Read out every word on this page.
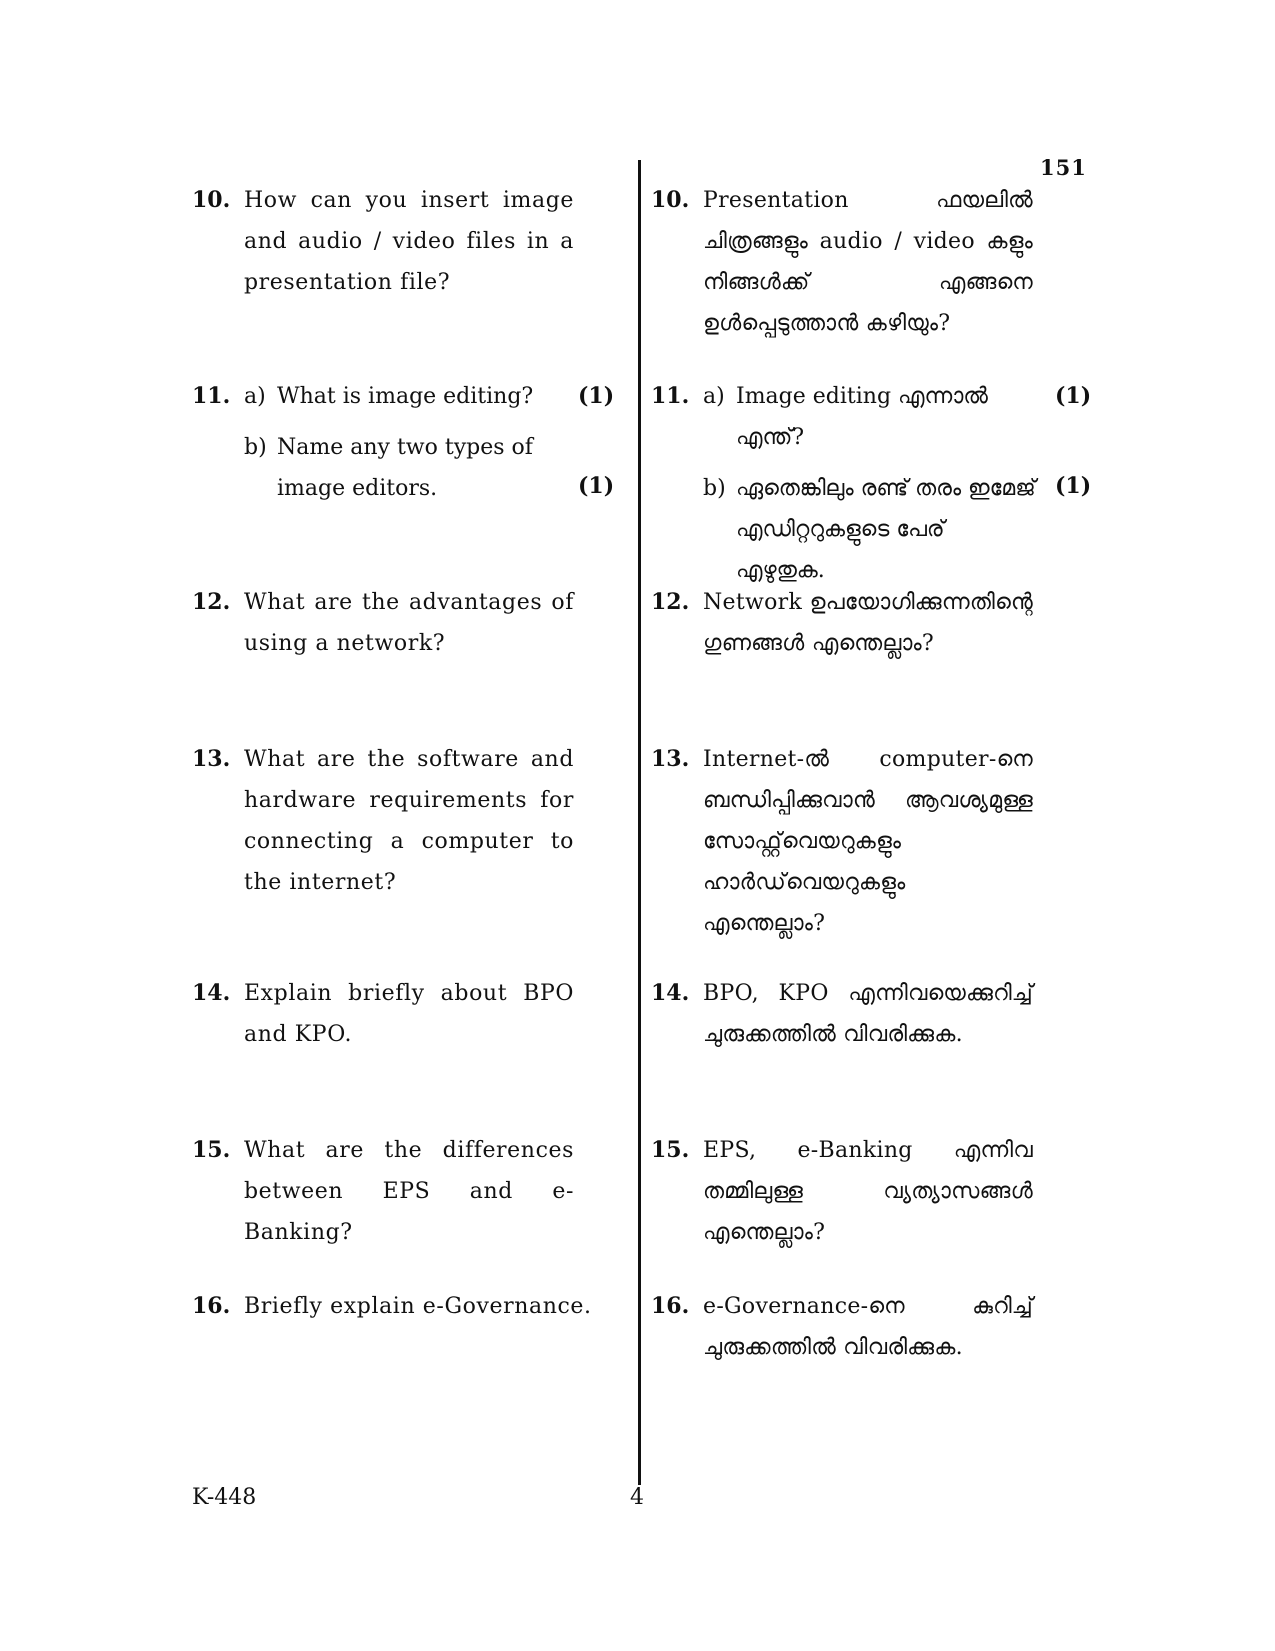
151
10. How can you insert image and audio / video files in a presentation file?
11. a) What is image editing?	(1)
b) Name any two types of image editors.	(1)
12. What are the advantages of using a network?
13. What are the software and hardware requirements for connecting a computer to the internet?
14. Explain briefly about BPO and KPO.
15. What are the differences between EPS and e-Banking?
16. Briefly explain e-Governance.
10. Presentation ഫയലിൽ ചിത്രങ്ങളും audio / video കളും നിങ്ങൾക്ക് എങ്ങനെ ഉൾപ്പെടുത്താൻ കഴിയും?
11. a) Image editing എന്നാൽ എന്ത്?
(1)
b) ഏതെങ്കിലും രണ്ട് തരം ഇമേജ് എഡിറ്ററുകളുടെ പേര് എഴുതുക.
(1)
12. Network ഉപയോഗിക്കുന്നതിന്റെ ഗുണങ്ങൾ എന്തെല്ലാം?
13. Internet-ൽ computer-നെ ബന്ധിപ്പിക്കുവാൻ ആവശ്യമുള്ള സോഫ്റ്റ്‌വെയറുകളും ഹാർഡ്‌വെയറുകളും എന്തെല്ലാം?
14. BPO, KPO എന്നിവയെക്കുറിച്ച് ചുരുക്കത്തിൽ വിവരിക്കുക.
15. EPS, e-Banking എന്നിവ തമ്മിലുള്ള വ്യത്യാസങ്ങൾ എന്തെല്ലാം?
16. e-Governance-നെ കുറിച്ച് ചുരുക്കത്തിൽ വിവരിക്കുക.
K-448	4
